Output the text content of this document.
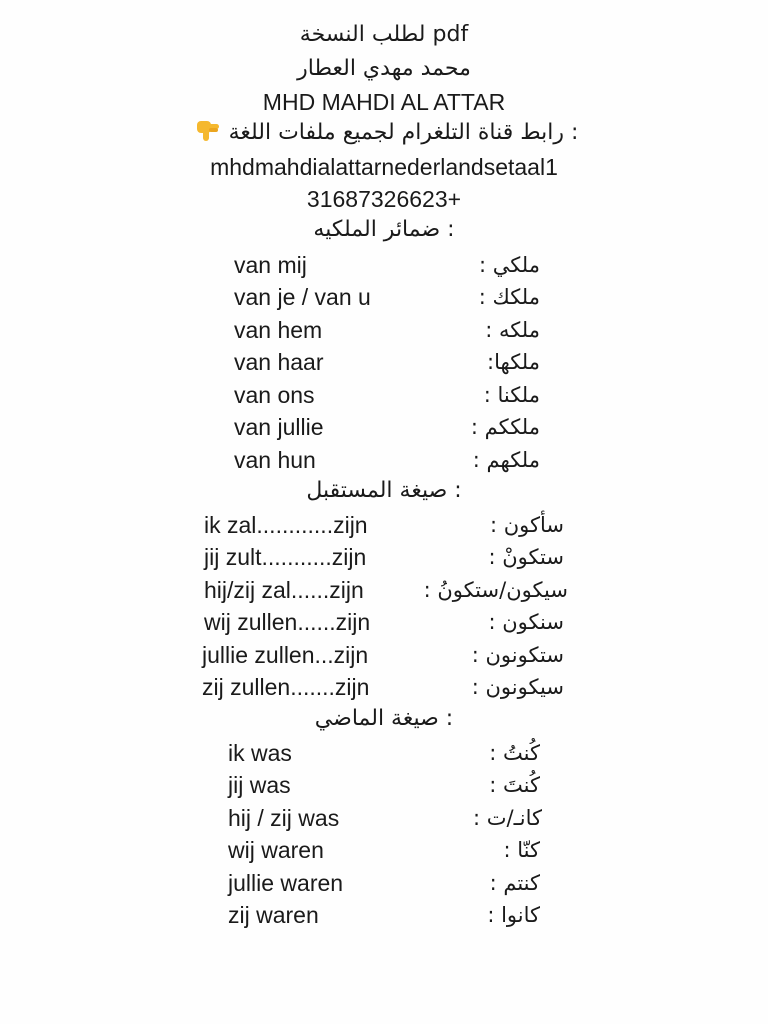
لطلب النسخة pdf
محمد مهدي العطار
MHD MAHDI AL ATTAR
رابط قناة التلغرام لجميع ملفات اللغة :
mhdmahdialattarnederlandsetaal1
31687326623+
ضمائر الملكيه :
van mij	ملكي :
van je / van u	ملكك :
van hem	ملكه :
van haar	ملكها:
van ons	ملكنا :
van jullie	ملككم :
van hun	ملكهم :
صيغة المستقبل :
ik zal............zijn	سأكون :
jij zult...........zijn	ستكونْ :
hij/zij zal......zijn	سيكون/ستكونُ :
wij zullen......zijn	سنكون :
jullie zullen...zijn	ستكونون :
zij zullen.......zijn	سيكونون :
صيغة الماضي :
ik was	كُنتُ :
jij was	كُنتَ :
hij / zij was	كانـ/ت :
wij waren	كنّا :
jullie waren	كنتم :
zij waren	كانوا :
